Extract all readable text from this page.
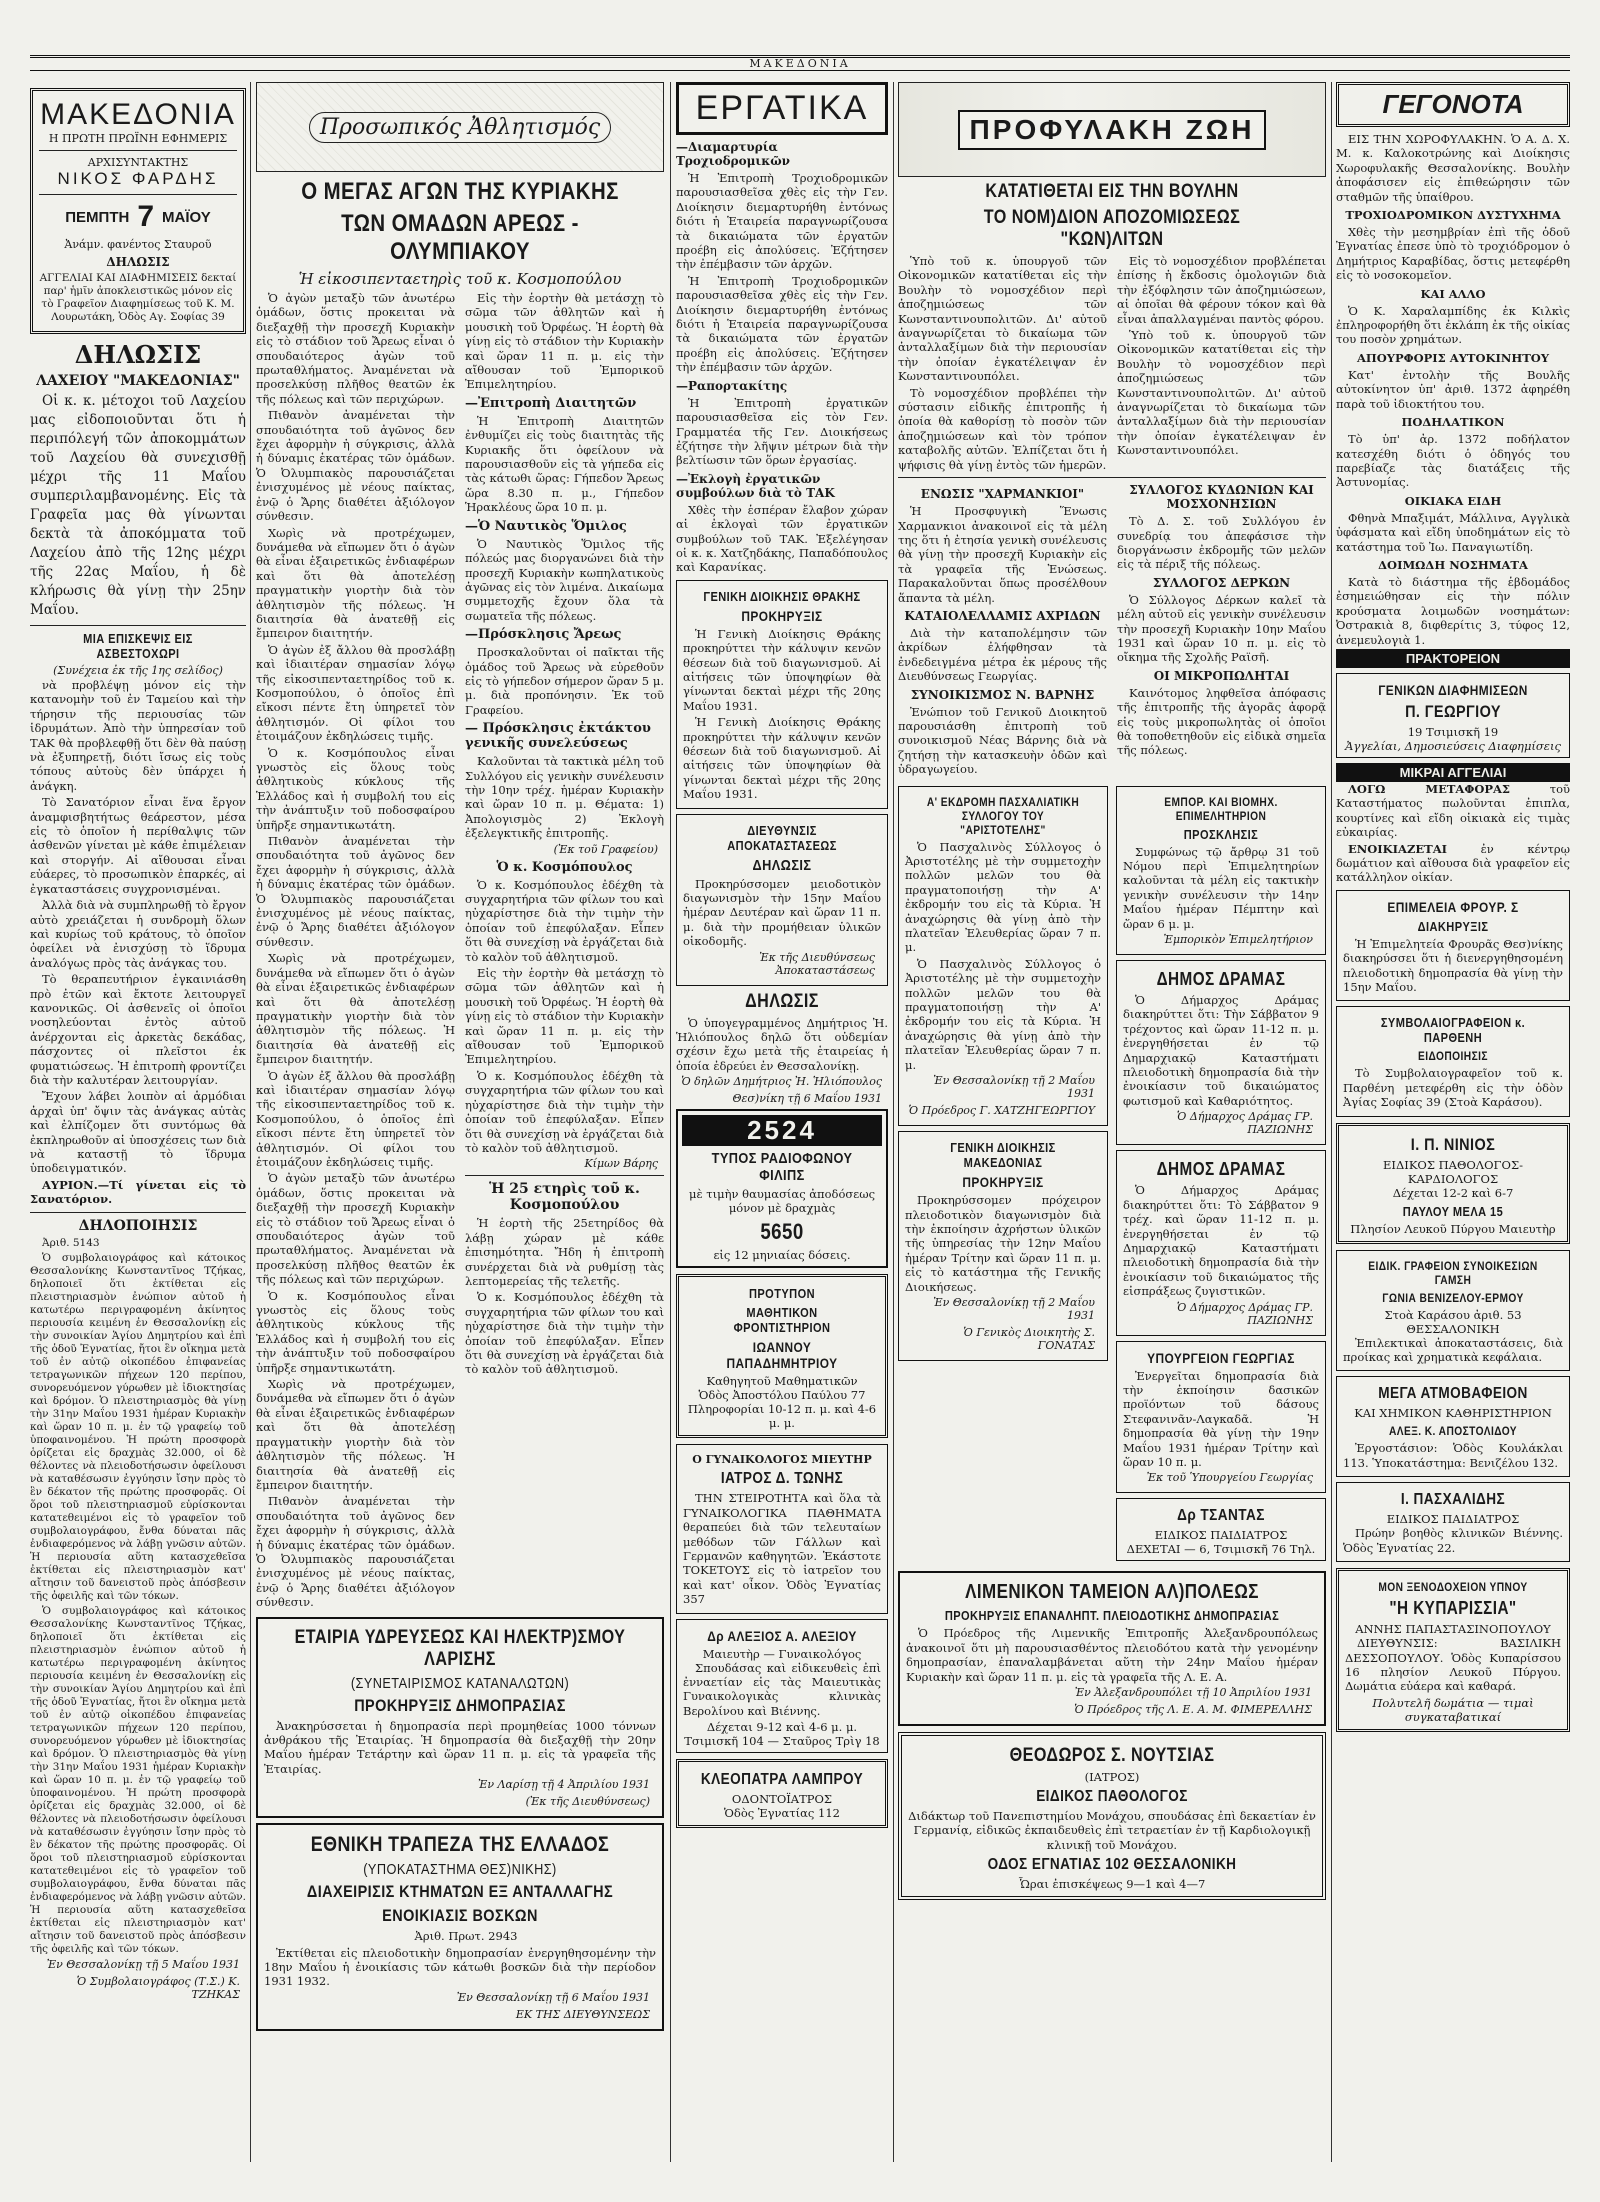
ΜΑΚΕΔΟΝΙΑ
ΜΑΚΕΔΟΝΙΑ
Η ΠΡΩΤΗ ΠΡΩΪΝΗ ΕΦΗΜΕΡΙΣ
ΑΡΧΙΣΥΝΤΑΚΤΗΣ
ΝΙΚΟΣ ΦΑΡΔΗΣ
ΠΕΜΠΤΗ 7 ΜΑΪΟΥ
Ἀνάμν. φανέντος Σταυροῦ
ΔΗΛΩΣΙΣ

ΑΓΓΕΛΙΑΙ ΚΑΙ ΔΙΑΦΗΜΙΣΕΙΣ δεκταί παρ' ἡμῖν ἀποκλειστικῶς μόνον εἰς τὸ Γραφεῖον Διαφημίσεως τοῦ Κ. Μ. Λουρωτάκη, Ὁδὸς Αγ. Σοφίας 39

ΔΗΛΩΣΙΣ
ΛΑΧΕΙΟΥ "ΜΑΚΕΔΟΝΙΑΣ"

Οἱ κ. κ. μέτοχοι τοῦ Λαχείου μας εἰδοποιοῦνται ὅτι ἡ περιπόλεγή τῶν ἀποκομμάτων τοῦ Λαχείου θὰ συνεχισθῇ μέχρι τῆς 11 Μαΐου συμπεριλαμβανομένης. Εἰς τὰ Γραφεῖα μας θὰ γίνωνται δεκτὰ τὰ ἀποκόμματα τοῦ Λαχείου ἀπὸ τῆς 12ης μέχρι τῆς 22ας Μαΐου, ἡ δὲ κλήρωσις θὰ γίνῃ τὴν 25ην Μαΐου.

ΜΙΑ ΕΠΙΣΚΕΨΙΣ ΕΙΣ ΑΣΒΕΣΤΟΧΩΡΙ
(Συνέχεια ἐκ τῆς 1ης σελίδος)

νὰ προβλέψῃ μόνον εἰς τὴν κατανομὴν τοῦ ἐν Ταμείου καὶ τὴν τήρησιν τῆς περιουσίας τῶν ἱδρυμάτων. Ἀπὸ τὴν ὑπηρεσίαν τοῦ ΤΑΚ θὰ προβλεφθῇ ὅτι δὲν θὰ παύσῃ νὰ ἐξυπηρετῇ, διότι ἴσως εἰς τοὺς τόπους αὐτοὺς δὲν ὑπάρχει ἡ ἀνάγκη.

Τὸ Σανατόριον εἶναι ἕνα ἔργον ἀναμφισβητήτως θεάρεστον, μέσα εἰς τὸ ὁποῖον ἡ περίθαλψις τῶν ἀσθενῶν γίνεται μὲ κάθε ἐπιμέλειαν καὶ στοργήν. Αἱ αἴθουσαι εἶναι εὐάερες, τὸ προσωπικὸν ἐπαρκές, αἱ ἐγκαταστάσεις συγχρονισμέναι.

Ἀλλὰ διὰ νὰ συμπληρωθῇ τὸ ἔργον αὐτὸ χρειάζεται ἡ συνδρομὴ ὅλων καὶ κυρίως τοῦ κράτους, τὸ ὁποῖον ὀφείλει νὰ ἐνισχύσῃ τὸ ἵδρυμα ἀναλόγως πρὸς τὰς ἀνάγκας του.

Τὸ θεραπευτήριον ἐγκαινιάσθη πρὸ ἐτῶν καὶ ἔκτοτε λειτουργεῖ κανονικῶς. Οἱ ἀσθενεῖς οἱ ὁποῖοι νοσηλεύονται ἐντὸς αὐτοῦ ἀνέρχονται εἰς ἀρκετὰς δεκάδας, πάσχοντες οἱ πλεῖστοι ἐκ φυματιώσεως. Ἡ ἐπιτροπὴ φροντίζει διὰ τὴν καλυτέραν λειτουργίαν.

Ἔχουν λάβει λοιπὸν αἱ ἁρμόδιαι ἀρχαὶ ὑπ' ὄψιν τὰς ἀνάγκας αὐτὰς καὶ ἐλπίζομεν ὅτι συντόμως θὰ ἐκπληρωθοῦν αἱ ὑποσχέσεις των διὰ νὰ καταστῇ τὸ ἵδρυμα ὑποδειγματικόν.

ΑΥΡΙΟΝ.—Τί γίνεται εἰς τὸ Σανατόριον.

ΔΗΛΟΠΟΙΗΣΙΣ

Ἀριθ. 5143

Ὁ συμβολαιογράφος καὶ κάτοικος Θεσσαλονίκης Κωνσταντῖνος Τζήκας, δηλοποιεῖ ὅτι ἐκτίθεται εἰς πλειστηριασμὸν ἐνώπιον αὐτοῦ ἡ κατωτέρω περιγραφομένη ἀκίνητος περιουσία κειμένη ἐν Θεσσαλονίκῃ εἰς τὴν συνοικίαν Ἁγίου Δημητρίου καὶ ἐπὶ τῆς ὁδοῦ Ἐγνατίας, ἤτοι ἓν οἴκημα μετὰ τοῦ ἐν αὐτῷ οἰκοπέδου ἐπιφανείας τετραγωνικῶν πήχεων 120 περίπου, συνορευόμενον γύρωθεν μὲ ἰδιοκτησίας καὶ δρόμον. Ὁ πλειστηριασμὸς θὰ γίνῃ τὴν 31ην Μαΐου 1931 ἡμέραν Κυριακὴν καὶ ὥραν 10 π. μ. ἐν τῷ γραφείῳ τοῦ ὑποφαινομένου. Ἡ πρώτη προσφορὰ ὁρίζεται εἰς δραχμὰς 32.000, οἱ δὲ θέλοντες νὰ πλειοδοτήσωσιν ὀφείλουσι νὰ καταθέσωσιν ἐγγύησιν ἴσην πρὸς τὸ ἓν δέκατον τῆς πρώτης προσφορᾶς. Οἱ ὅροι τοῦ πλειστηριασμοῦ εὑρίσκονται κατατεθειμένοι εἰς τὸ γραφεῖον τοῦ συμβολαιογράφου, ἔνθα δύναται πᾶς ἐνδιαφερόμενος νὰ λάβῃ γνῶσιν αὐτῶν. Ἡ περιουσία αὕτη κατασχεθεῖσα ἐκτίθεται εἰς πλειστηριασμὸν κατ' αἴτησιν τοῦ δανειστοῦ πρὸς ἀπόσβεσιν τῆς ὀφειλῆς καὶ τῶν τόκων.

Ὁ συμβολαιογράφος καὶ κάτοικος Θεσσαλονίκης Κωνσταντῖνος Τζήκας, δηλοποιεῖ ὅτι ἐκτίθεται εἰς πλειστηριασμὸν ἐνώπιον αὐτοῦ ἡ κατωτέρω περιγραφομένη ἀκίνητος περιουσία κειμένη ἐν Θεσσαλονίκῃ εἰς τὴν συνοικίαν Ἁγίου Δημητρίου καὶ ἐπὶ τῆς ὁδοῦ Ἐγνατίας, ἤτοι ἓν οἴκημα μετὰ τοῦ ἐν αὐτῷ οἰκοπέδου ἐπιφανείας τετραγωνικῶν πήχεων 120 περίπου, συνορευόμενον γύρωθεν μὲ ἰδιοκτησίας καὶ δρόμον. Ὁ πλειστηριασμὸς θὰ γίνῃ τὴν 31ην Μαΐου 1931 ἡμέραν Κυριακὴν καὶ ὥραν 10 π. μ. ἐν τῷ γραφείῳ τοῦ ὑποφαινομένου. Ἡ πρώτη προσφορὰ ὁρίζεται εἰς δραχμὰς 32.000, οἱ δὲ θέλοντες νὰ πλειοδοτήσωσιν ὀφείλουσι νὰ καταθέσωσιν ἐγγύησιν ἴσην πρὸς τὸ ἓν δέκατον τῆς πρώτης προσφορᾶς. Οἱ ὅροι τοῦ πλειστηριασμοῦ εὑρίσκονται κατατεθειμένοι εἰς τὸ γραφεῖον τοῦ συμβολαιογράφου, ἔνθα δύναται πᾶς ἐνδιαφερόμενος νὰ λάβῃ γνῶσιν αὐτῶν. Ἡ περιουσία αὕτη κατασχεθεῖσα ἐκτίθεται εἰς πλειστηριασμὸν κατ' αἴτησιν τοῦ δανειστοῦ πρὸς ἀπόσβεσιν τῆς ὀφειλῆς καὶ τῶν τόκων.

Ἐν Θεσσαλονίκῃ τῇ 5 Μαΐου 1931
Ὁ Συμβολαιογράφος (Τ.Σ.) Κ. ΤΖΗΚΑΣ
Προσωπικός Ἀθλητισμός
Ο ΜΕΓΑΣ ΑΓΩΝ ΤΗΣ ΚΥΡΙΑΚΗΣ
ΤΩΝ ΟΜΑΔΩΝ ΑΡΕΩΣ - ΟΛΥΜΠΙΑΚΟΥ
Ἡ εἰκοσιπενταετηρὶς τοῦ κ. Κοσμοπούλου

Ὁ ἀγὼν μεταξὺ τῶν ἀνωτέρω ὁμάδων, ὅστις προκειται νὰ διεξαχθῇ τὴν προσεχῆ Κυριακὴν εἰς τὸ στάδιον τοῦ Ἄρεως εἶναι ὁ σπουδαιότερος ἀγὼν τοῦ πρωταθλήματος. Ἀναμένεται νὰ προσελκύσῃ πλῆθος θεατῶν ἐκ τῆς πόλεως καὶ τῶν περιχώρων.

Πιθανὸν ἀναμένεται τὴν σπουδαιότητα τοῦ ἀγῶνος δεν ἔχει ἀφορμὴν ἡ σύγκρισις, ἀλλὰ ἡ δύναμις ἑκατέρας τῶν ὁμάδων. Ὁ Ὀλυμπιακὸς παρουσιάζεται ἐνισχυμένος μὲ νέους παίκτας, ἐνῷ ὁ Ἄρης διαθέτει ἀξιόλογον σύνθεσιν.

Χωρὶς νὰ προτρέχωμεν, δυνάμεθα νὰ εἴπωμεν ὅτι ὁ ἀγὼν θὰ εἶναι ἐξαιρετικῶς ἐνδιαφέρων καὶ ὅτι θὰ ἀποτελέσῃ πραγματικὴν γιορτὴν διὰ τὸν ἀθλητισμὸν τῆς πόλεως. Ἡ διαιτησία θὰ ἀνατεθῇ εἰς ἔμπειρον διαιτητήν.

Ὁ ἀγὼν ἐξ ἄλλου θὰ προσλάβῃ καὶ ἰδιαιτέραν σημασίαν λόγῳ τῆς εἰκοσιπενταετηρίδος τοῦ κ. Κοσμοπούλου, ὁ ὁποῖος ἐπὶ εἴκοσι πέντε ἔτη ὑπηρετεῖ τὸν ἀθλητισμόν. Οἱ φίλοι του ἑτοιμάζουν ἐκδηλώσεις τιμῆς.

Ὁ κ. Κοσμόπουλος εἶναι γνωστὸς εἰς ὅλους τοὺς ἀθλητικοὺς κύκλους τῆς Ἑλλάδος καὶ ἡ συμβολή του εἰς τὴν ἀνάπτυξιν τοῦ ποδοσφαίρου ὑπῆρξε σημαντικωτάτη.

Πιθανὸν ἀναμένεται τὴν σπουδαιότητα τοῦ ἀγῶνος δεν ἔχει ἀφορμὴν ἡ σύγκρισις, ἀλλὰ ἡ δύναμις ἑκατέρας τῶν ὁμάδων. Ὁ Ὀλυμπιακὸς παρουσιάζεται ἐνισχυμένος μὲ νέους παίκτας, ἐνῷ ὁ Ἄρης διαθέτει ἀξιόλογον σύνθεσιν.

Χωρὶς νὰ προτρέχωμεν, δυνάμεθα νὰ εἴπωμεν ὅτι ὁ ἀγὼν θὰ εἶναι ἐξαιρετικῶς ἐνδιαφέρων καὶ ὅτι θὰ ἀποτελέσῃ πραγματικὴν γιορτὴν διὰ τὸν ἀθλητισμὸν τῆς πόλεως. Ἡ διαιτησία θὰ ἀνατεθῇ εἰς ἔμπειρον διαιτητήν.

Ὁ ἀγὼν ἐξ ἄλλου θὰ προσλάβῃ καὶ ἰδιαιτέραν σημασίαν λόγῳ τῆς εἰκοσιπενταετηρίδος τοῦ κ. Κοσμοπούλου, ὁ ὁποῖος ἐπὶ εἴκοσι πέντε ἔτη ὑπηρετεῖ τὸν ἀθλητισμόν. Οἱ φίλοι του ἑτοιμάζουν ἐκδηλώσεις τιμῆς.

Ὁ ἀγὼν μεταξὺ τῶν ἀνωτέρω ὁμάδων, ὅστις προκειται νὰ διεξαχθῇ τὴν προσεχῆ Κυριακὴν εἰς τὸ στάδιον τοῦ Ἄρεως εἶναι ὁ σπουδαιότερος ἀγὼν τοῦ πρωταθλήματος. Ἀναμένεται νὰ προσελκύσῃ πλῆθος θεατῶν ἐκ τῆς πόλεως καὶ τῶν περιχώρων.

Ὁ κ. Κοσμόπουλος εἶναι γνωστὸς εἰς ὅλους τοὺς ἀθλητικοὺς κύκλους τῆς Ἑλλάδος καὶ ἡ συμβολή του εἰς τὴν ἀνάπτυξιν τοῦ ποδοσφαίρου ὑπῆρξε σημαντικωτάτη.

Χωρὶς νὰ προτρέχωμεν, δυνάμεθα νὰ εἴπωμεν ὅτι ὁ ἀγὼν θὰ εἶναι ἐξαιρετικῶς ἐνδιαφέρων καὶ ὅτι θὰ ἀποτελέσῃ πραγματικὴν γιορτὴν διὰ τὸν ἀθλητισμὸν τῆς πόλεως. Ἡ διαιτησία θὰ ἀνατεθῇ εἰς ἔμπειρον διαιτητήν.

Πιθανὸν ἀναμένεται τὴν σπουδαιότητα τοῦ ἀγῶνος δεν ἔχει ἀφορμὴν ἡ σύγκρισις, ἀλλὰ ἡ δύναμις ἑκατέρας τῶν ὁμάδων. Ὁ Ὀλυμπιακὸς παρουσιάζεται ἐνισχυμένος μὲ νέους παίκτας, ἐνῷ ὁ Ἄρης διαθέτει ἀξιόλογον σύνθεσιν.

Εἰς τὴν ἑορτὴν θὰ μετάσχῃ τὸ σῶμα τῶν ἀθλητῶν καὶ ἡ μουσικὴ τοῦ Ὀρφέως. Ἡ ἑορτὴ θὰ γίνῃ εἰς τὸ στάδιον τὴν Κυριακὴν καὶ ὥραν 11 π. μ. εἰς τὴν αἴθουσαν τοῦ Ἐμπορικοῦ Ἐπιμελητηρίου.

—Ἐπιτροπὴ Διαιτητῶν

Ἡ Ἐπιτροπὴ Διαιτητῶν ἐνθυμίζει εἰς τοὺς διαιτητὰς τῆς Κυριακῆς ὅτι ὀφείλουν νὰ παρουσιασθοῦν εἰς τὰ γήπεδα εἰς τὰς κάτωθι ὥρας: Γήπεδον Ἄρεως ὥρα 8.30 π. μ., Γήπεδον Ἡρακλέους ὥρα 10 π. μ.

—Ὁ Ναυτικὸς Ὅμιλος

Ὁ Ναυτικὸς Ὅμιλος τῆς πόλεώς μας διοργανώνει διὰ τὴν προσεχῆ Κυριακὴν κωπηλατικοὺς ἀγῶνας εἰς τὸν λιμένα. Δικαίωμα συμμετοχῆς ἔχουν ὅλα τὰ σωματεῖα τῆς πόλεως.

—Πρόσκλησις Ἄρεως

Προσκαλοῦνται οἱ παῖκται τῆς ὁμάδος τοῦ Ἄρεως νὰ εὑρεθοῦν εἰς τὸ γήπεδον σήμερον ὥραν 5 μ. μ. διὰ προπόνησιν. Ἐκ τοῦ Γραφείου.

— Πρόσκλησις ἐκτάκτου γενικῆς συνελεύσεως

Καλοῦνται τὰ τακτικὰ μέλη τοῦ Συλλόγου εἰς γενικὴν συνέλευσιν τὴν 10ην τρέχ. ἡμέραν Κυριακὴν καὶ ὥραν 10 π. μ. Θέματα: 1) Ἀπολογισμὸς 2) Ἐκλογὴ ἐξελεγκτικῆς ἐπιτροπῆς.

(Ἐκ τοῦ Γραφείου)
Ὁ κ. Κοσμόπουλος

Ὁ κ. Κοσμόπουλος ἐδέχθη τὰ συγχαρητήρια τῶν φίλων του καὶ ηὐχαρίστησε διὰ τὴν τιμὴν τὴν ὁποίαν τοῦ ἐπεφύλαξαν. Εἶπεν ὅτι θὰ συνεχίσῃ νὰ ἐργάζεται διὰ τὸ καλὸν τοῦ ἀθλητισμοῦ.

Εἰς τὴν ἑορτὴν θὰ μετάσχῃ τὸ σῶμα τῶν ἀθλητῶν καὶ ἡ μουσικὴ τοῦ Ὀρφέως. Ἡ ἑορτὴ θὰ γίνῃ εἰς τὸ στάδιον τὴν Κυριακὴν καὶ ὥραν 11 π. μ. εἰς τὴν αἴθουσαν τοῦ Ἐμπορικοῦ Ἐπιμελητηρίου.

Ὁ κ. Κοσμόπουλος ἐδέχθη τὰ συγχαρητήρια τῶν φίλων του καὶ ηὐχαρίστησε διὰ τὴν τιμὴν τὴν ὁποίαν τοῦ ἐπεφύλαξαν. Εἶπεν ὅτι θὰ συνεχίσῃ νὰ ἐργάζεται διὰ τὸ καλὸν τοῦ ἀθλητισμοῦ.

Κίμων Βάρης
Ἡ 25 ετηρὶς τοῦ κ. Κοσμοπούλου

Ἡ ἑορτὴ τῆς 25ετηρίδος θὰ λάβῃ χώραν μὲ κάθε ἐπισημότητα. Ἤδη ἡ ἐπιτροπὴ συνέρχεται διὰ νὰ ρυθμίσῃ τὰς λεπτομερείας τῆς τελετῆς.

Ὁ κ. Κοσμόπουλος ἐδέχθη τὰ συγχαρητήρια τῶν φίλων του καὶ ηὐχαρίστησε διὰ τὴν τιμὴν τὴν ὁποίαν τοῦ ἐπεφύλαξαν. Εἶπεν ὅτι θὰ συνεχίσῃ νὰ ἐργάζεται διὰ τὸ καλὸν τοῦ ἀθλητισμοῦ.

ΕΤΑΙΡΙΑ ΥΔΡΕΥΣΕΩΣ ΚΑΙ ΗΛΕΚΤΡ)ΣΜΟΥ ΛΑΡΙΣΗΣ
(ΣΥΝΕΤΑΙΡΙΣΜΟΣ ΚΑΤΑΝΑΛΩΤΩΝ)
ΠΡΟΚΗΡΥΞΙΣ ΔΗΜΟΠΡΑΣΙΑΣ

Ἀνακηρύσσεται ἡ δημοπρασία περὶ προμηθείας 1000 τόννων ἀνθράκου τῆς Ἐταιρίας. Ἡ δημοπρασία θὰ διεξαχθῇ τὴν 20ην Μαΐου ἡμέραν Τετάρτην καὶ ὥραν 11 π. μ. εἰς τὰ γραφεῖα τῆς Ἐταιρίας.

Ἐν Λαρίσῃ τῇ 4 Ἀπριλίου 1931
(Ἐκ τῆς Διευθύνσεως)
ΕΘΝΙΚΗ ΤΡΑΠΕΖΑ ΤΗΣ ΕΛΛΑΔΟΣ
(ΥΠΟΚΑΤΑΣΤΗΜΑ ΘΕΣ)ΝΙΚΗΣ)
ΔΙΑΧΕΙΡΙΣΙΣ ΚΤΗΜΑΤΩΝ ΕΞ ΑΝΤΑΛΛΑΓΗΣ
ΕΝΟΙΚΙΑΣΙΣ ΒΟΣΚΩΝ

Ἀριθ. Πρωτ. 2943

Ἐκτίθεται εἰς πλειοδοτικὴν δημοπρασίαν ἐνεργηθησομένην τὴν 18ην Μαΐου ἡ ἐνοικίασις τῶν κάτωθι βοσκῶν διὰ τὴν περίοδον 1931 1932.

Ἐν Θεσσαλονίκῃ τῇ 6 Μαΐου 1931
ΕΚ ΤΗΣ ΔΙΕΥΘΥΝΣΕΩΣ
ΕΡΓΑΤΙΚΑ
—Διαμαρτυρία Τροχιοδρομικῶν

Ἡ Ἐπιτροπὴ Τροχιοδρομικῶν παρουσιασθεῖσα χθὲς εἰς τὴν Γεν. Διοίκησιν διεμαρτυρήθη ἐντόνως διότι ἡ Ἑταιρεία παραγνωρίζουσα τὰ δικαιώματα τῶν ἐργατῶν προέβη εἰς ἀπολύσεις. Ἐζήτησεν τὴν ἐπέμβασιν τῶν ἀρχῶν.

Ἡ Ἐπιτροπὴ Τροχιοδρομικῶν παρουσιασθεῖσα χθὲς εἰς τὴν Γεν. Διοίκησιν διεμαρτυρήθη ἐντόνως διότι ἡ Ἑταιρεία παραγνωρίζουσα τὰ δικαιώματα τῶν ἐργατῶν προέβη εἰς ἀπολύσεις. Ἐζήτησεν τὴν ἐπέμβασιν τῶν ἀρχῶν.

—Ραπορτακίτης

Ἡ Ἐπιτροπὴ ἐργατικῶν παρουσιασθεῖσα εἰς τὸν Γεν. Γραμματέα τῆς Γεν. Διοικήσεως ἐζήτησε τὴν λῆψιν μέτρων διὰ τὴν βελτίωσιν τῶν ὅρων ἐργασίας.

—Ἐκλογὴ ἐργατικῶν συμβούλων διὰ τὸ ΤΑΚ

Χθὲς τὴν ἑσπέραν ἔλαβον χώραν αἱ ἐκλογαὶ τῶν ἐργατικῶν συμβούλων τοῦ ΤΑΚ. Ἐξελέγησαν οἱ κ. κ. Χατζηδάκης, Παπαδόπουλος καὶ Καρανίκας.

ΓΕΝΙΚΗ ΔΙΟΙΚΗΣΙΣ ΘΡΑΚΗΣ
ΠΡΟΚΗΡΥΞΙΣ

Ἡ Γενικὴ Διοίκησις Θράκης προκηρύττει τὴν κάλυψιν κενῶν θέσεων διὰ τοῦ διαγωνισμοῦ. Αἱ αἰτήσεις τῶν ὑποψηφίων θὰ γίνωνται δεκταὶ μέχρι τῆς 20ης Μαΐου 1931.

Ἡ Γενικὴ Διοίκησις Θράκης προκηρύττει τὴν κάλυψιν κενῶν θέσεων διὰ τοῦ διαγωνισμοῦ. Αἱ αἰτήσεις τῶν ὑποψηφίων θὰ γίνωνται δεκταὶ μέχρι τῆς 20ης Μαΐου 1931.

ΔΙΕΥΘΥΝΣΙΣ ΑΠΟΚΑΤΑΣΤΑΣΕΩΣ
ΔΗΛΩΣΙΣ

Προκηρύσσομεν μειοδοτικὸν διαγωνισμὸν τὴν 15ην Μαΐου ἡμέραν Δευτέραν καὶ ὥραν 11 π. μ. διὰ τὴν προμήθειαν ὑλικῶν οἰκοδομῆς.

Ἐκ τῆς Διευθύνσεως Ἀποκαταστάσεως
ΔΗΛΩΣΙΣ

Ὁ ὑπογεγραμμένος Δημήτριος Ἠ. Ἡλιόπουλος δηλῶ ὅτι οὐδεμίαν σχέσιν ἔχω μετὰ τῆς ἑταιρείας ἡ ὁποία ἐδρεύει ἐν Θεσσαλονίκῃ.

Ὁ δηλῶν Δημήτριος Ἠ. Ἡλιόπουλος
Θεσ)νίκη τῇ 6 Μαΐου 1931
2524
ΤΥΠΟΣ ΡΑΔΙΟΦΩΝΟΥ ΦΙΛΙΠΣ
μὲ τιμὴν θαυμασίας ἀποδόσεως μόνον μὲ δραχμὰς
5650
εἰς 12 μηνιαίας δόσεις.
ΠΡΟΤΥΠΟΝ
ΜΑΘΗΤΙΚΟΝ ΦΡΟΝΤΙΣΤΗΡΙΟΝ
ΙΩΑΝΝΟΥ ΠΑΠΑΔΗΜΗΤΡΙΟΥ
Καθηγητοῦ Μαθηματικῶν
Ὁδὸς Ἀποστόλου Παύλου 77
Πληροφορίαι 10-12 π. μ. καὶ 4-6 μ. μ.
Ο ΓΥΝΑΙΚΟΛΟΓΟΣ ΜΙΕΥΤΗΡ
ΙΑΤΡΟΣ Δ. ΤΩΝΗΣ

ΤΗΝ ΣΤΕΙΡΟΤΗΤΑ καὶ ὅλα τὰ ΓΥΝΑΙΚΟΛΟΓΙΚΑ ΠΑΘΗΜΑΤΑ θεραπεύει διὰ τῶν τελευταίων μεθόδων τῶν Γάλλων καὶ Γερμανῶν καθηγητῶν. Ἑκάστοτε ΤΟΚΕΤΟΥΣ εἰς τὸ ἰατρεῖον του καὶ κατ' οἶκον. Ὁδὸς Ἐγνατίας 357

Δρ ΑΛΕΞΙΟΣ Α. ΑΛΕΞΙΟΥ
Μαιευτὴρ — Γυναικολόγος

Σπουδάσας καὶ εἰδικευθεὶς ἐπὶ ἐνναετίαν εἰς τὰς Μαιευτικὰς Γυναικολογικὰς κλινικὰς Βερολίνου καὶ Βιέννης.

Δέχεται 9-12 καὶ 4-6 μ. μ.
Τσιμισκῆ 104 — Σταῦρος Τρὶγ 18
ΚΛΕΟΠΑΤΡΑ ΛΑΜΠΡΟΥ
ΟΔΟΝΤΟΪΑΤΡΟΣ
Ὁδὸς Ἐγνατίας 112
ΠΡΟΦΥΛΑΚΗ ΖΩΗ
ΚΑΤΑΤΙΘΕΤΑΙ ΕΙΣ ΤΗΝ ΒΟΥΛΗΝ
ΤΟ ΝΟΜ)ΔΙΟΝ ΑΠΟΖΟΜΙΩΣΕΩΣ "ΚΩΝ)ΛΙΤΩΝ

Ὑπὸ τοῦ κ. ὑπουργοῦ τῶν Οἰκονομικῶν κατατίθεται εἰς τὴν Βουλὴν τὸ νομοσχέδιον περὶ ἀποζημιώσεως τῶν Κωνσταντινουπολιτῶν. Δι' αὐτοῦ ἀναγνωρίζεται τὸ δικαίωμα τῶν ἀνταλλαξίμων διὰ τὴν περιουσίαν τὴν ὁποίαν ἐγκατέλειψαν ἐν Κωνσταντινουπόλει.

Τὸ νομοσχέδιον προβλέπει τὴν σύστασιν εἰδικῆς ἐπιτροπῆς ἡ ὁποία θὰ καθορίσῃ τὸ ποσὸν τῶν ἀποζημιώσεων καὶ τὸν τρόπον καταβολῆς αὐτῶν. Ἐλπίζεται ὅτι ἡ ψήφισις θὰ γίνῃ ἐντὸς τῶν ἡμερῶν.

Εἰς τὸ νομοσχέδιον προβλέπεται ἐπίσης ἡ ἔκδοσις ὁμολογιῶν διὰ τὴν ἐξόφλησιν τῶν ἀποζημιώσεων, αἱ ὁποῖαι θὰ φέρουν τόκον καὶ θὰ εἶναι ἀπαλλαγμέναι παντὸς φόρου.

Ὑπὸ τοῦ κ. ὑπουργοῦ τῶν Οἰκονομικῶν κατατίθεται εἰς τὴν Βουλὴν τὸ νομοσχέδιον περὶ ἀποζημιώσεως τῶν Κωνσταντινουπολιτῶν. Δι' αὐτοῦ ἀναγνωρίζεται τὸ δικαίωμα τῶν ἀνταλλαξίμων διὰ τὴν περιουσίαν τὴν ὁποίαν ἐγκατέλειψαν ἐν Κωνσταντινουπόλει.

ΕΝΩΣΙΣ "ΧΑΡΜΑΝΚΙΟΙ"

Ἡ Προσφυγικὴ Ἕνωσις Χαρμανκιοι ἀνακοινοῖ εἰς τὰ μέλη της ὅτι ἡ ἐτησία γενικὴ συνέλευσις θὰ γίνῃ τὴν προσεχῆ Κυριακὴν εἰς τὰ γραφεῖα τῆς Ἑνώσεως. Παρακαλοῦνται ὅπως προσέλθουν ἅπαντα τὰ μέλη.

ΚΑΤΑΙΟΛΕΛΛΑΜΙΣ ΑΧΡΙΔΩΝ

Διὰ τὴν καταπολέμησιν τῶν ἀκρίδων ἐλήφθησαν τὰ ἐνδεδειγμένα μέτρα ἐκ μέρους τῆς Διευθύνσεως Γεωργίας.

ΣΥΝΟΙΚΙΣΜΟΣ Ν. ΒΑΡΝΗΣ

Ἐνώπιον τοῦ Γενικοῦ Διοικητοῦ παρουσιάσθη ἐπιτροπὴ τοῦ συνοικισμοῦ Νέας Βάρνης διὰ νὰ ζητήσῃ τὴν κατασκευὴν ὁδῶν καὶ ὑδραγωγείου.

ΣΥΛΛΟΓΟΣ ΚΥΔΩΝΙΩΝ ΚΑΙ ΜΟΣΧΟΝΗΣΙΩΝ

Τὸ Δ. Σ. τοῦ Συλλόγου ἐν συνεδρίᾳ του ἀπεφάσισε τὴν διοργάνωσιν ἐκδρομῆς τῶν μελῶν εἰς τὰ πέριξ τῆς πόλεως.

ΣΥΛΛΟΓΟΣ ΔΕΡΚΩΝ

Ὁ Σύλλογος Δέρκων καλεῖ τὰ μέλη αὐτοῦ εἰς γενικὴν συνέλευσιν τὴν προσεχῆ Κυριακὴν 10ην Μαΐου 1931 καὶ ὥραν 10 π. μ. εἰς τὸ οἴκημα τῆς Σχολῆς Ραϊσῆ.

ΟΙ ΜΙΚΡΟΠΩΛΗΤΑΙ

Καινότομος ληφθεῖσα ἀπόφασις τῆς ἐπιτροπῆς τῆς ἀγορᾶς ἀφορᾷ εἰς τοὺς μικροπωλητὰς οἱ ὁποῖοι θὰ τοποθετηθοῦν εἰς εἰδικὰ σημεῖα τῆς πόλεως.

Α' ΕΚΔΡΟΜΗ ΠΑΣΧΑΛΙΑΤΙΚΗ ΣΥΛΛΟΓΟΥ ΤΟΥ "ΑΡΙΣΤΟΤΕΛΗΣ"

Ὁ Πασχαλινὸς Σύλλογος ὁ Ἀριστοτέλης μὲ τὴν συμμετοχὴν πολλῶν μελῶν του θὰ πραγματοποιήσῃ τὴν Α' ἐκδρομήν του εἰς τὰ Κύρια. Ἡ ἀναχώρησις θὰ γίνῃ ἀπὸ τὴν πλατεῖαν Ἐλευθερίας ὥραν 7 π. μ.

Ὁ Πασχαλινὸς Σύλλογος ὁ Ἀριστοτέλης μὲ τὴν συμμετοχὴν πολλῶν μελῶν του θὰ πραγματοποιήσῃ τὴν Α' ἐκδρομήν του εἰς τὰ Κύρια. Ἡ ἀναχώρησις θὰ γίνῃ ἀπὸ τὴν πλατεῖαν Ἐλευθερίας ὥραν 7 π. μ.

Ἐν Θεσσαλονίκῃ τῇ 2 Μαΐου 1931
Ὁ Πρόεδρος Γ. ΧΑΤΖΗΓΕΩΡΓΙΟΥ
ΓΕΝΙΚΗ ΔΙΟΙΚΗΣΙΣ ΜΑΚΕΔΟΝΙΑΣ
ΠΡΟΚΗΡΥΞΙΣ

Προκηρύσσομεν πρόχειρον πλειοδοτικὸν διαγωνισμὸν διὰ τὴν ἐκποίησιν ἀχρήστων ὑλικῶν τῆς ὑπηρεσίας τὴν 12ην Μαΐου ἡμέραν Τρίτην καὶ ὥραν 11 π. μ. εἰς τὸ κατάστημα τῆς Γενικῆς Διοικήσεως.

Ἐν Θεσσαλονίκῃ τῇ 2 Μαΐου 1931
Ὁ Γενικὸς Διοικητὴς Σ. ΓΟΝΑΤΑΣ
ΕΜΠΟΡ. ΚΑΙ ΒΙΟΜΗΧ. ΕΠΙΜΕΛΗΤΗΡΙΟΝ
ΠΡΟΣΚΛΗΣΙΣ

Συμφώνως τῷ ἄρθρῳ 31 τοῦ Νόμου περὶ Ἐπιμελητηρίων καλοῦνται τὰ μέλη εἰς τακτικὴν γενικὴν συνέλευσιν τὴν 14ην Μαΐου ἡμέραν Πέμπτην καὶ ὥραν 6 μ. μ.

Ἐμπορικὸν Ἐπιμελητήριον
ΔΗΜΟΣ ΔΡΑΜΑΣ

Ὁ Δήμαρχος Δράμας διακηρύττει ὅτι: Τὴν Σάββατον 9 τρέχοντος καὶ ὥραν 11-12 π. μ. ἐνεργηθήσεται ἐν τῷ Δημαρχιακῷ Καταστήματι πλειοδοτικὴ δημοπρασία διὰ τὴν ἐνοικίασιν τοῦ δικαιώματος φωτισμοῦ καὶ Καθαριότητος.

Ὁ Δήμαρχος Δράμας ΓΡ. ΠΑΖΙΩΝΗΣ
ΔΗΜΟΣ ΔΡΑΜΑΣ

Ὁ Δήμαρχος Δράμας διακηρύττει ὅτι: Τὸ Σάββατον 9 τρέχ. καὶ ὥραν 11-12 π. μ. ἐνεργηθήσεται ἐν τῷ Δημαρχιακῷ Καταστήματι πλειοδοτικὴ δημοπρασία διὰ τὴν ἐνοικίασιν τοῦ δικαιώματος τῆς εἰσπράξεως ζυγιστικῶν.

Ὁ Δήμαρχος Δράμας ΓΡ. ΠΑΖΙΩΝΗΣ
ΥΠΟΥΡΓΕΙΟΝ ΓΕΩΡΓΙΑΣ

Ἐνεργεῖται δημοπρασία διὰ τὴν ἐκποίησιν δασικῶν προϊόντων τοῦ δάσους Στεφανινᾶν-Λαγκαδᾶ. Ἡ δημοπρασία θὰ γίνῃ τὴν 19ην Μαΐου 1931 ἡμέραν Τρίτην καὶ ὥραν 10 π. μ.

Ἐκ τοῦ Ὑπουργείου Γεωργίας
Δρ ΤΣΑΝΤΑΣ
ΕΙΔΙΚΟΣ ΠΑΙΔΙΑΤΡΟΣ
ΔΕΧΕΤΑΙ — 6, Τσιμισκῆ 76 Τηλ.
ΛΙΜΕΝΙΚΟΝ ΤΑΜΕΙΟΝ ΑΛ)ΠΟΛΕΩΣ
ΠΡΟΚΗΡΥΞΙΣ ΕΠΑΝΑΛΗΠΤ. ΠΛΕΙΟΔΟΤΙΚΗΣ ΔΗΜΟΠΡΑΣΙΑΣ

Ὁ Πρόεδρος τῆς Λιμενικῆς Ἐπιτροπῆς Ἀλεξανδρουπόλεως ἀνακοινοῖ ὅτι μὴ παρουσιασθέντος πλειοδότου κατὰ τὴν γενομένην δημοπρασίαν, ἐπαναλαμβάνεται αὕτη τὴν 24ην Μαΐου ἡμέραν Κυριακὴν καὶ ὥραν 11 π. μ. εἰς τὰ γραφεῖα τῆς Λ. Ε. Α.

Ἐν Ἀλεξανδρουπόλει τῇ 10 Ἀπριλίου 1931
Ὁ Πρόεδρος τῆς Λ. Ε. Α. Μ. ΦΙΜΕΡΕΛΛΗΣ
ΘΕΟΔΩΡΟΣ Σ. ΝΟΥΤΣΙΑΣ
(ΙΑΤΡΟΣ)
ΕΙΔΙΚΟΣ ΠΑΘΟΛΟΓΟΣ

Διδάκτωρ τοῦ Πανεπιστημίου Μονάχου, σπουδάσας ἐπὶ δεκαετίαν ἐν Γερμανίᾳ, εἰδικῶς ἐκπαιδευθεὶς ἐπὶ τετραετίαν ἐν τῇ Καρδιολογικῇ κλινικῇ τοῦ Μονάχου.

ΟΔΟΣ ΕΓΝΑΤΙΑΣ 102 ΘΕΣΣΑΛΟΝΙΚΗ
Ὧραι ἐπισκέψεως 9—1 καὶ 4—7
ΓΕΓΟΝΟΤΑ

ΕΙΣ ΤΗΝ ΧΩΡΟΦΥΛΑΚΗΝ. Ὁ Α. Δ. Χ. Μ. κ. Καλοκοτρώνης καὶ Διοίκησις Χωροφυλακῆς Θεσσαλονίκης. Βουλὴν ἀποφάσισεν εἰς ἐπιθεώρησιν τῶν σταθμῶν τῆς ὑπαίθρου.

ΤΡΟΧΙΟΔΡΟΜΙΚΟΝ ΔΥΣΤΥΧΗΜΑ

Χθὲς τὴν μεσημβρίαν ἐπὶ τῆς ὁδοῦ Ἐγνατίας ἐπεσε ὑπὸ τὸ τροχιόδρομον ὁ Δημήτριος Καραβίδας, ὅστις μετεφέρθη εἰς τὸ νοσοκομεῖον.

ΚΑΙ ΑΛΛΟ

Ὁ Κ. Χαραλαμπίδης ἐκ Κιλκὶς ἐπληροφορήθη ὅτι ἐκλάπη ἐκ τῆς οἰκίας του ποσὸν χρημάτων.

ΑΠΟΥΡΦΟΡΙΣ ΑΥΤΟΚΙΝΗΤΟΥ

Κατ' ἐντολὴν τῆς Βουλῆς αὐτοκίνητον ὑπ' ἀριθ. 1372 ἀφηρέθη παρὰ τοῦ ἰδιοκτήτου του.

ΠΟΔΗΛΑΤΙΚΟΝ

Τὸ ὑπ' ἀρ. 1372 ποδήλατον κατεσχέθη διότι ὁ ὁδηγός του παρεβίαζε τὰς διατάξεις τῆς Ἀστυνομίας.

ΟΙΚΙΑΚΑ ΕΙΔΗ

Φθηνὰ Μπαξιμάτ, Μάλλινα, Αγγλικὰ ὑφάσματα καὶ εἴδη ὑποδημάτων εἰς τὸ κατάστημα τοῦ Ἰω. Παναγιωτίδη.

ΔΟΙΜΩΔΗ ΝΟΣΗΜΑΤΑ

Κατὰ τὸ διάστημα τῆς ἑβδομάδος ἐσημειώθησαν εἰς τὴν πόλιν κρούσματα λοιμωδῶν νοσημάτων: Ὀστρακιὰ 8, διφθερίτις 3, τύφος 12, ἀνεμευλογιὰ 1.

ΠΡΑΚΤΟΡΕΙΟΝ
ΓΕΝΙΚΩΝ ΔΙΑΦΗΜΙΣΕΩΝ
Π. ΓΕΩΡΓΙΟΥ
19 Τσιμισκῆ 19
Ἀγγελίαι, Δημοσιεύσεις Διαφημίσεις
ΜΙΚΡΑΙ ΑΓΓΕΛΙΑΙ

ΛΟΓΩ ΜΕΤΑΦΟΡΑΣ	τοῦ Καταστήματος πωλοῦνται ἐπιπλα, κουρτίνες καὶ εἴδη οἰκιακὰ εἰς τιμὰς εὐκαιρίας.

ΕΝΟΙΚΙΑΖΕΤΑΙ	ἐν κέντρῳ δωμάτιον καὶ αἴθουσα διὰ γραφεῖον εἰς κατάλληλον οἰκίαν.

ΕΠΙΜΕΛΕΙΑ ΦΡΟΥΡ. Σ
ΔΙΑΚΗΡΥΞΙΣ

Ἡ Ἐπιμελητεία Φρουρᾶς Θεσ)νίκης διακηρύσσει ὅτι ἡ διενεργηθησομένη πλειοδοτικὴ δημοπρασία θὰ γίνῃ τὴν 15ην Μαΐου.

ΣΥΜΒΟΛΑΙΟΓΡΑΦΕΙΟΝ κ. ΠΑΡΘΕΝΗ
ΕΙΔΟΠΟΙΗΣΙΣ

Τὸ Συμβολαιογραφεῖον τοῦ κ. Παρθένη μετεφέρθη εἰς τὴν ὁδὸν Ἀγίας Σοφίας 39 (Στοὰ Καράσου).

Ι. Π. ΝΙΝΙΟΣ
ΕΙΔΙΚΟΣ ΠΑΘΟΛΟΓΟΣ-ΚΑΡΔΙΟΛΟΓΟΣ
Δέχεται 12-2 καὶ 6-7
ΠΑΥΛΟΥ ΜΕΛΑ 15
Πλησίον Λευκοῦ Πύργου Μαιευτὴρ
ΕΙΔΙΚ. ΓΡΑΦΕΙΟΝ ΣΥΝΟΙΚΕΣΙΩΝ ΓΑΜΣΗ
ΓΩΝΙΑ ΒΕΝΙΖΕΛΟΥ-ΕΡΜΟΥ
Στοὰ Καράσου ἀριθ. 53 ΘΕΣΣΑΛΟΝΙΚΗ

Ἐπιλεκτικαὶ ἀποκαταστάσεις, διὰ προίκας καὶ χρηματικὰ κεφάλαια.

ΜΕΓΑ ΑΤΜΟΒΑΦΕΙΟΝ
ΚΑΙ ΧΗΜΙΚΟΝ ΚΑΘΗΡΙΣΤΗΡΙΟΝ
ΑΛΕΞ. Κ. ΑΠΟΣΤΟΛΙΔΟΥ

Ἐργοστάσιον: Ὁδὸς Κουλάκλαι 113. Ὑποκατάστημα: Βενιζέλου 132.

Ι. ΠΑΣΧΑΛΙΔΗΣ
ΕΙΔΙΚΟΣ ΠΑΙΔΙΑΤΡΟΣ

Πρώην βοηθὸς κλινικῶν Βιέννης. Ὁδὸς Ἐγνατίας 22.

ΜΟΝ ΞΕΝΟΔΟΧΕΙΟΝ ΥΠΝΟΥ
"Η ΚΥΠΑΡΙΣΣΙΑ"
ΑΝΝΗΣ ΠΑΠΑΣΤΑΣΙΝΟΠΟΥΛΟΥ

ΔΙΕΥΘΥΝΣΙΣ: ΒΑΣΙΛΙΚΗ ΔΕΣΣΟΠΟΥΛΟΥ. Ὁδὸς Κυπαρίσσου 16 πλησίον Λευκοῦ Πύργου. Δωμάτια εὐάερα καὶ καθαρά.

Πολυτελῆ δωμάτια — τιμαὶ συγκαταβατικαί
